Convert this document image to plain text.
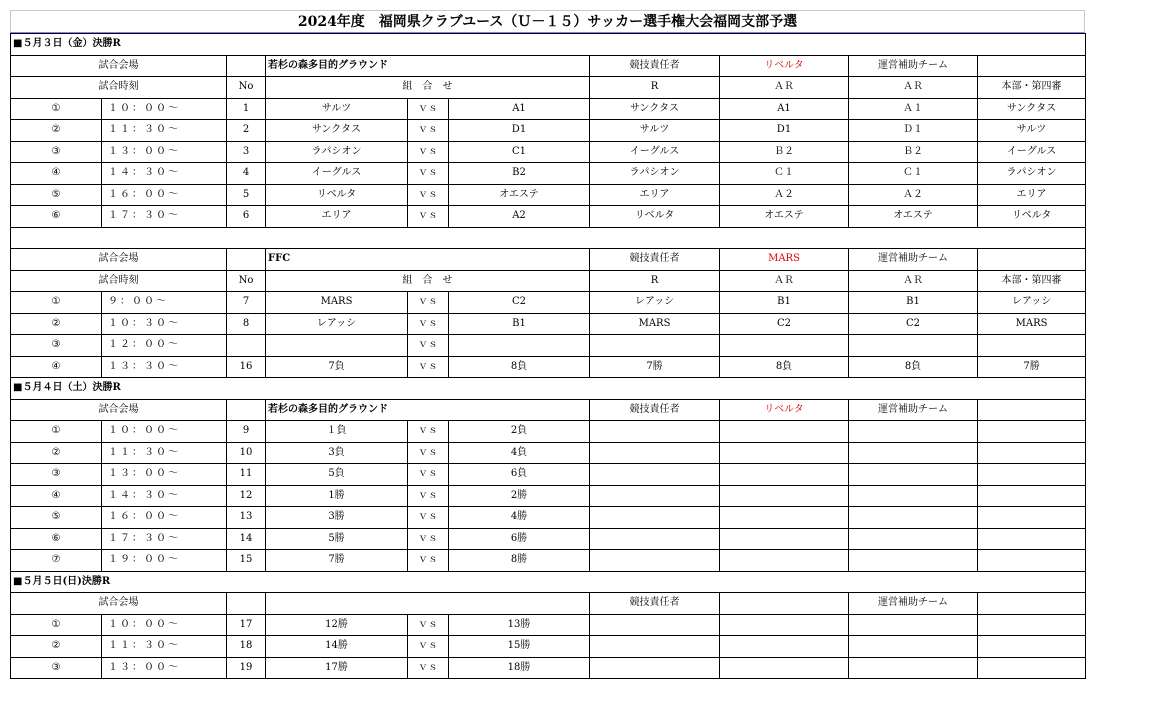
2024年度　福岡県クラブユース（Ｕ－１５）サッカー選手権大会福岡支部予選
■５月３日（金）決勝R									
試合会場			若杉の森多目的グラウンド			競技責任者	リベルタ	運営補助チーム	
試合時刻		No	組　合　せ			R	ＡＲ	ＡＲ	本部・第四審
①	１０：００～	1	サルツ	ｖｓ	A1	サンクタス	A1	Ａ１	サンクタス
②	１１：３０～	2	サンクタス	ｖｓ	D1	サルツ	D1	Ｄ１	サルツ
③	１３：００～	3	ラパシオン	ｖｓ	C1	イーグルス	Ｂ２	Ｂ２	イーグルス
④	１４：３０～	4	イーグルス	ｖｓ	B2	ラパシオン	Ｃ１	Ｃ１	ラパシオン
⑤	１６：００～	5	リベルタ	ｖｓ	オエステ	エリア	Ａ２	Ａ２	エリア
⑥	１７：３０～	6	エリア	ｖｓ	A2	リベルタ	オエステ	オエステ	リベルタ

試合会場			FFC			競技責任者	MARS	運営補助チーム	
試合時刻		No	組　合　せ			R	ＡＲ	ＡＲ	本部・第四審
①	９：００～	7	MARS	ｖｓ	C2	レアッシ	B1	B1	レアッシ
②	１０：３０～	8	レアッシ	ｖｓ	B1	MARS	C2	C2	MARS
③	１２：００～			ｖｓ					
④	１３：３０～	16	7負	ｖｓ	8負	7勝	8負	8負	7勝
■５月４日（土）決勝R									
試合会場			若杉の森多目的グラウンド			競技責任者	リベルタ	運営補助チーム	
①	１０：００～	9	１負	ｖｓ	2負				
②	１１：３０～	10	3負	ｖｓ	4負				
③	１３：００～	11	5負	ｖｓ	6負				
④	１４：３０～	12	1勝	ｖｓ	2勝				
⑤	１６：００～	13	3勝	ｖｓ	4勝				
⑥	１７：３０～	14	5勝	ｖｓ	6勝				
⑦	１９：００～	15	7勝	ｖｓ	8勝				
■５月５日(日)決勝R									
試合会場						競技責任者		運営補助チーム	
①	１０：００～	17	12勝	ｖｓ	13勝				
②	１１：３０～	18	14勝	ｖｓ	15勝				
③	１３：００～	19	17勝	ｖｓ	18勝				
